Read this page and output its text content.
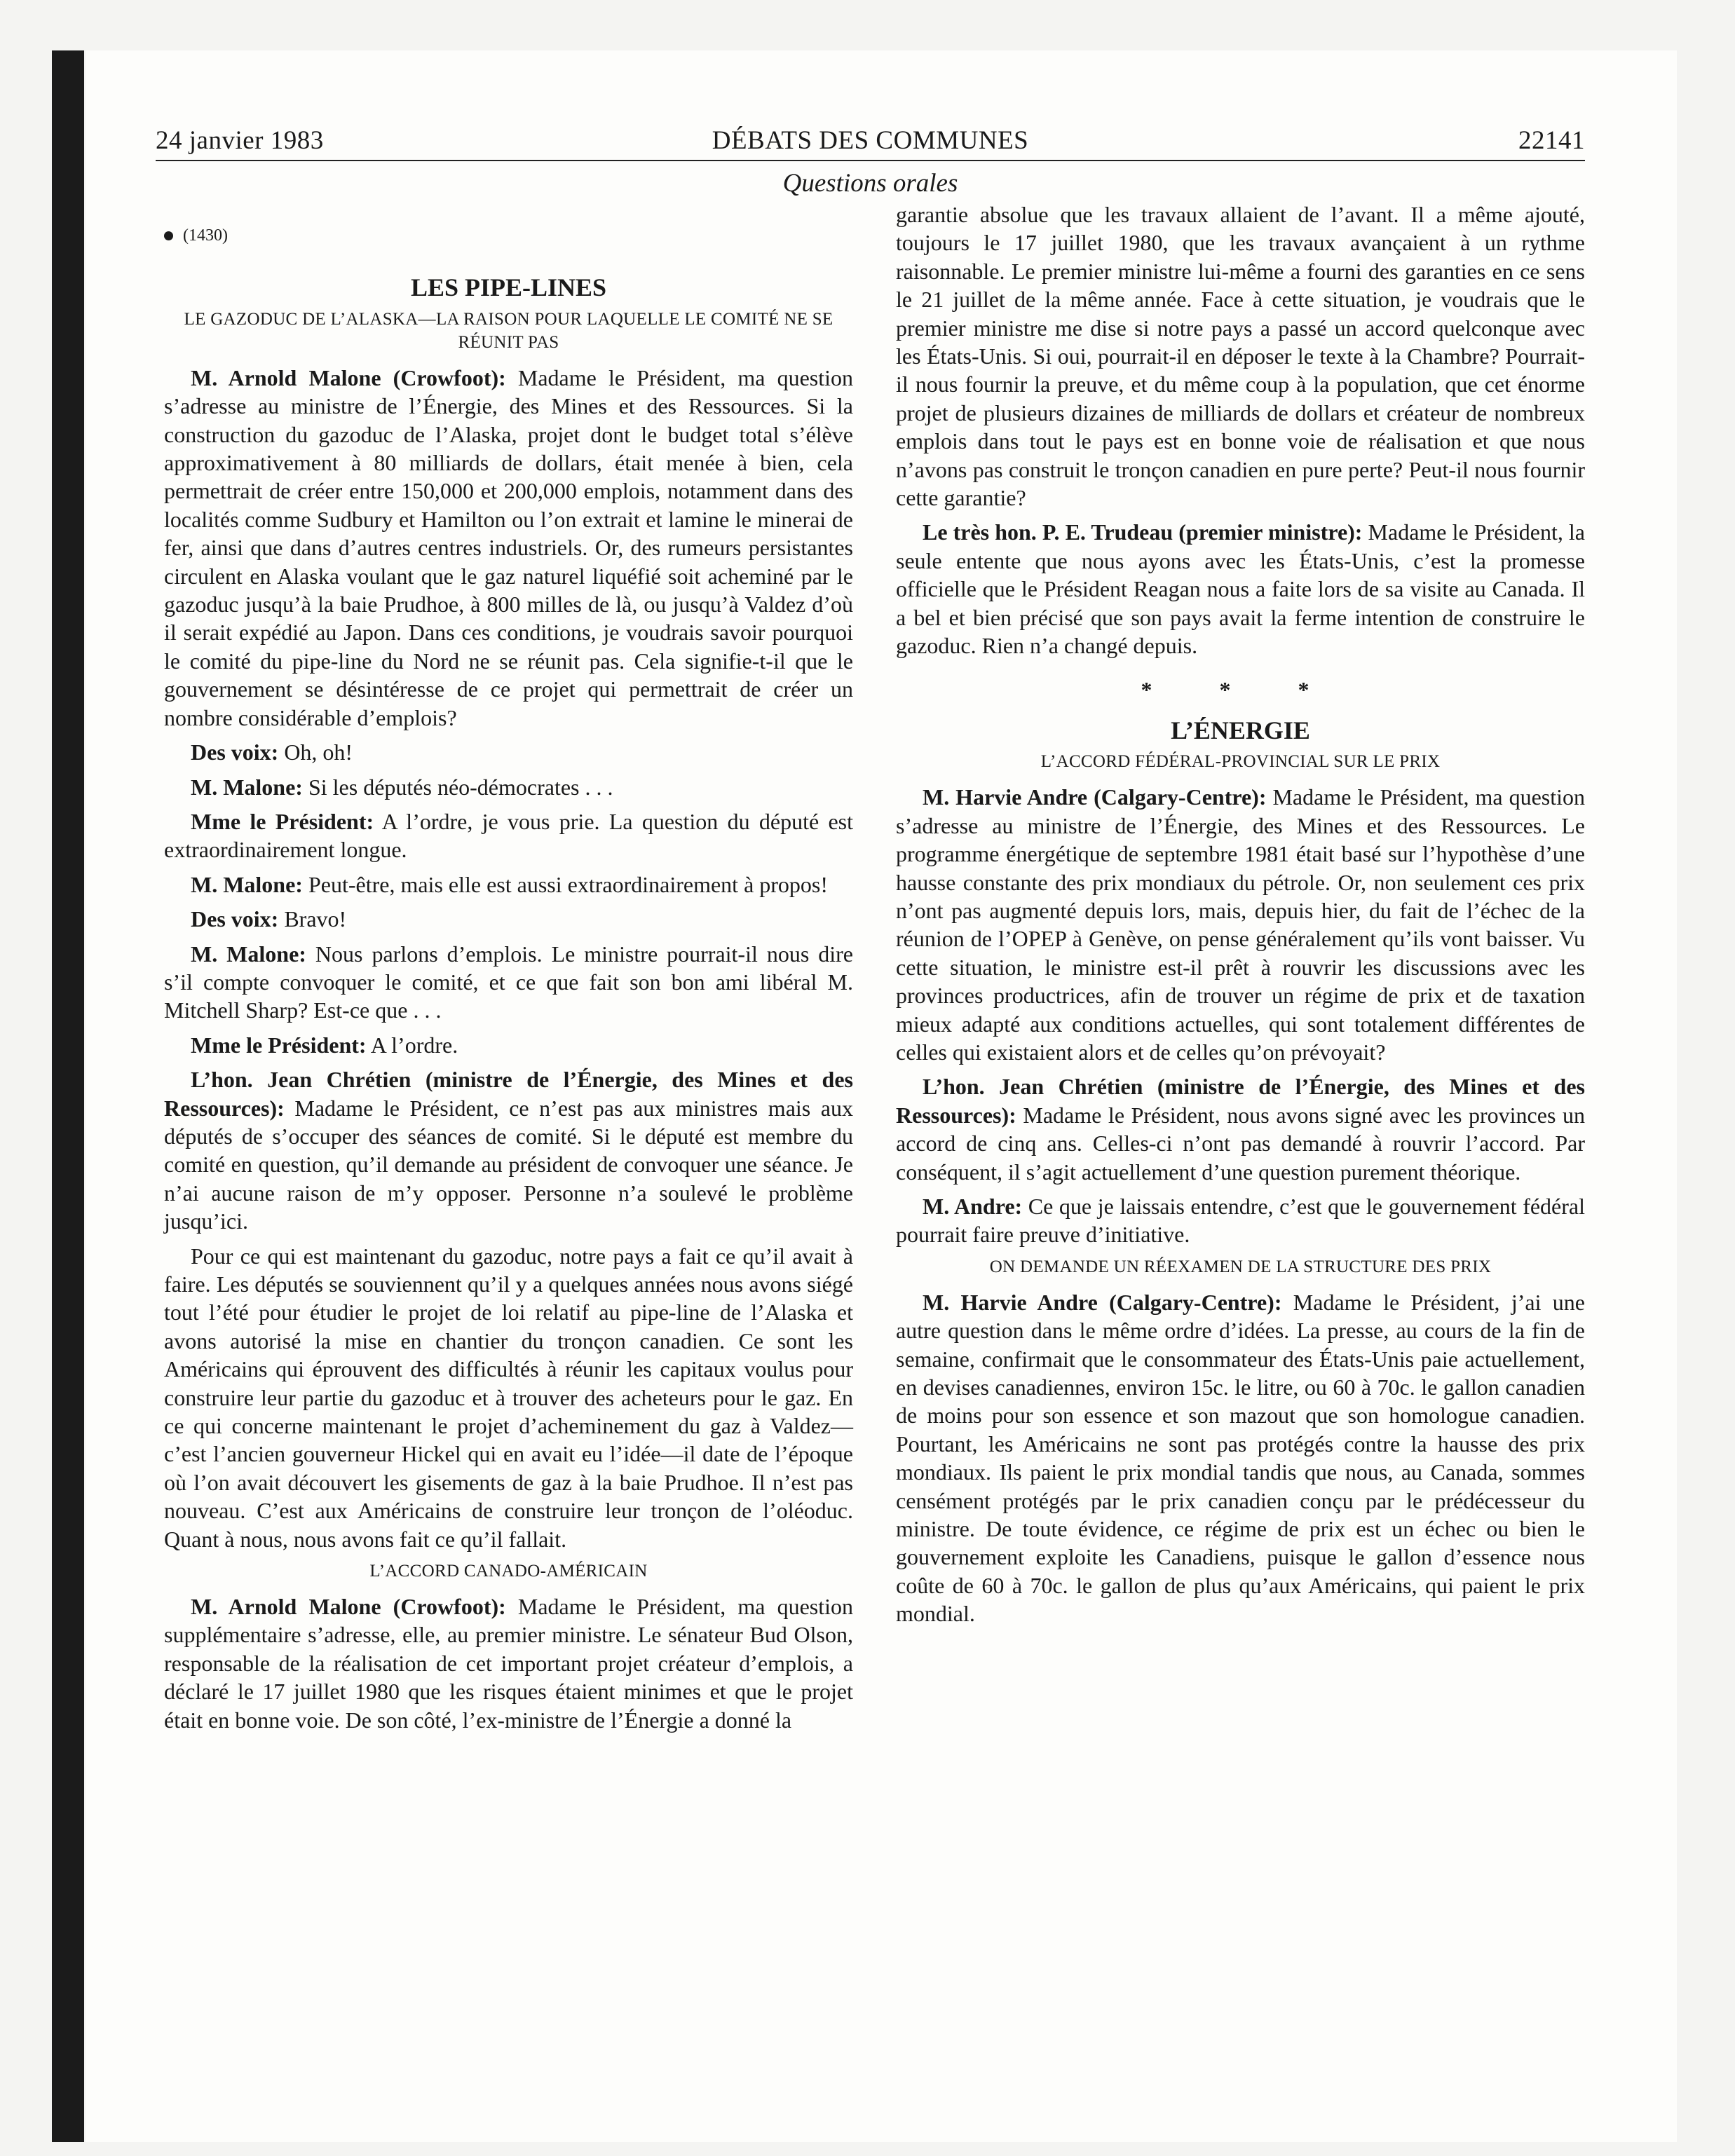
24 janvier 1983	DÉBATS DES COMMUNES	22141
Questions orales
(1430)
LES PIPE-LINES
LE GAZODUC DE L’ALASKA—LA RAISON POUR LAQUELLE LE COMITÉ NE SE RÉUNIT PAS

M. Arnold Malone (Crowfoot): Madame le Président, ma question s’adresse au ministre de l’Énergie, des Mines et des Ressources. Si la construction du gazoduc de l’Alaska, projet dont le budget total s’élève approximativement à 80 milliards de dollars, était menée à bien, cela permettrait de créer entre 150,000 et 200,000 emplois, notamment dans des localités comme Sudbury et Hamilton ou l’on extrait et lamine le minerai de fer, ainsi que dans d’autres centres industriels. Or, des rumeurs persistantes circulent en Alaska voulant que le gaz naturel liquéfié soit acheminé par le gazoduc jusqu’à la baie Prudhoe, à 800 milles de là, ou jusqu’à Valdez d’où il serait expédié au Japon. Dans ces conditions, je voudrais savoir pourquoi le comité du pipe-line du Nord ne se réunit pas. Cela signifie-t-il que le gouvernement se désintéresse de ce projet qui permettrait de créer un nombre considérable d’emplois?

Des voix: Oh, oh!

M. Malone: Si les députés néo-démocrates . . .

Mme le Président: A l’ordre, je vous prie. La question du député est extraordinairement longue.

M. Malone: Peut-être, mais elle est aussi extraordinairement à propos!

Des voix: Bravo!

M. Malone: Nous parlons d’emplois. Le ministre pourrait-il nous dire s’il compte convoquer le comité, et ce que fait son bon ami libéral M. Mitchell Sharp? Est-ce que . . .

Mme le Président: A l’ordre.

L’hon. Jean Chrétien (ministre de l’Énergie, des Mines et des Ressources): Madame le Président, ce n’est pas aux ministres mais aux députés de s’occuper des séances de comité. Si le député est membre du comité en question, qu’il demande au président de convoquer une séance. Je n’ai aucune raison de m’y opposer. Personne n’a soulevé le problème jusqu’ici.

Pour ce qui est maintenant du gazoduc, notre pays a fait ce qu’il avait à faire. Les députés se souviennent qu’il y a quelques années nous avons siégé tout l’été pour étudier le projet de loi relatif au pipe-line de l’Alaska et avons autorisé la mise en chantier du tronçon canadien. Ce sont les Américains qui éprouvent des difficultés à réunir les capitaux voulus pour construire leur partie du gazoduc et à trouver des acheteurs pour le gaz. En ce qui concerne maintenant le projet d’acheminement du gaz à Valdez—c’est l’ancien gouverneur Hickel qui en avait eu l’idée—il date de l’époque où l’on avait découvert les gisements de gaz à la baie Prudhoe. Il n’est pas nouveau. C’est aux Américains de construire leur tronçon de l’oléoduc. Quant à nous, nous avons fait ce qu’il fallait.

L’ACCORD CANADO-AMÉRICAIN

M. Arnold Malone (Crowfoot): Madame le Président, ma question supplémentaire s’adresse, elle, au premier ministre. Le sénateur Bud Olson, responsable de la réalisation de cet important projet créateur d’emplois, a déclaré le 17 juillet 1980 que les risques étaient minimes et que le projet était en bonne voie. De son côté, l’ex-ministre de l’Énergie a donné la

garantie absolue que les travaux allaient de l’avant. Il a même ajouté, toujours le 17 juillet 1980, que les travaux avançaient à un rythme raisonnable. Le premier ministre lui-même a fourni des garanties en ce sens le 21 juillet de la même année. Face à cette situation, je voudrais que le premier ministre me dise si notre pays a passé un accord quelconque avec les États-Unis. Si oui, pourrait-il en déposer le texte à la Chambre? Pourrait-il nous fournir la preuve, et du même coup à la population, que cet énorme projet de plusieurs dizaines de milliards de dollars et créateur de nombreux emplois dans tout le pays est en bonne voie de réalisation et que nous n’avons pas construit le tronçon canadien en pure perte? Peut-il nous fournir cette garantie?

Le très hon. P. E. Trudeau (premier ministre): Madame le Président, la seule entente que nous ayons avec les États-Unis, c’est la promesse officielle que le Président Reagan nous a faite lors de sa visite au Canada. Il a bel et bien précisé que son pays avait la ferme intention de construire le gazoduc. Rien n’a changé depuis.

* * *
L’ÉNERGIE
L’ACCORD FÉDÉRAL-PROVINCIAL SUR LE PRIX

M. Harvie Andre (Calgary-Centre): Madame le Président, ma question s’adresse au ministre de l’Énergie, des Mines et des Ressources. Le programme énergétique de septembre 1981 était basé sur l’hypothèse d’une hausse constante des prix mondiaux du pétrole. Or, non seulement ces prix n’ont pas augmenté depuis lors, mais, depuis hier, du fait de l’échec de la réunion de l’OPEP à Genève, on pense généralement qu’ils vont baisser. Vu cette situation, le ministre est-il prêt à rouvrir les discussions avec les provinces productrices, afin de trouver un régime de prix et de taxation mieux adapté aux conditions actuelles, qui sont totalement différentes de celles qui existaient alors et de celles qu’on prévoyait?

L’hon. Jean Chrétien (ministre de l’Énergie, des Mines et des Ressources): Madame le Président, nous avons signé avec les provinces un accord de cinq ans. Celles-ci n’ont pas demandé à rouvrir l’accord. Par conséquent, il s’agit actuellement d’une question purement théorique.

M. Andre: Ce que je laissais entendre, c’est que le gouvernement fédéral pourrait faire preuve d’initiative.

ON DEMANDE UN RÉEXAMEN DE LA STRUCTURE DES PRIX

M. Harvie Andre (Calgary-Centre): Madame le Président, j’ai une autre question dans le même ordre d’idées. La presse, au cours de la fin de semaine, confirmait que le consommateur des États-Unis paie actuellement, en devises canadiennes, environ 15c. le litre, ou 60 à 70c. le gallon canadien de moins pour son essence et son mazout que son homologue canadien. Pourtant, les Américains ne sont pas protégés contre la hausse des prix mondiaux. Ils paient le prix mondial tandis que nous, au Canada, sommes censément protégés par le prix canadien conçu par le prédécesseur du ministre. De toute évidence, ce régime de prix est un échec ou bien le gouvernement exploite les Canadiens, puisque le gallon d’essence nous coûte de 60 à 70c. le gallon de plus qu’aux Américains, qui paient le prix mondial.
